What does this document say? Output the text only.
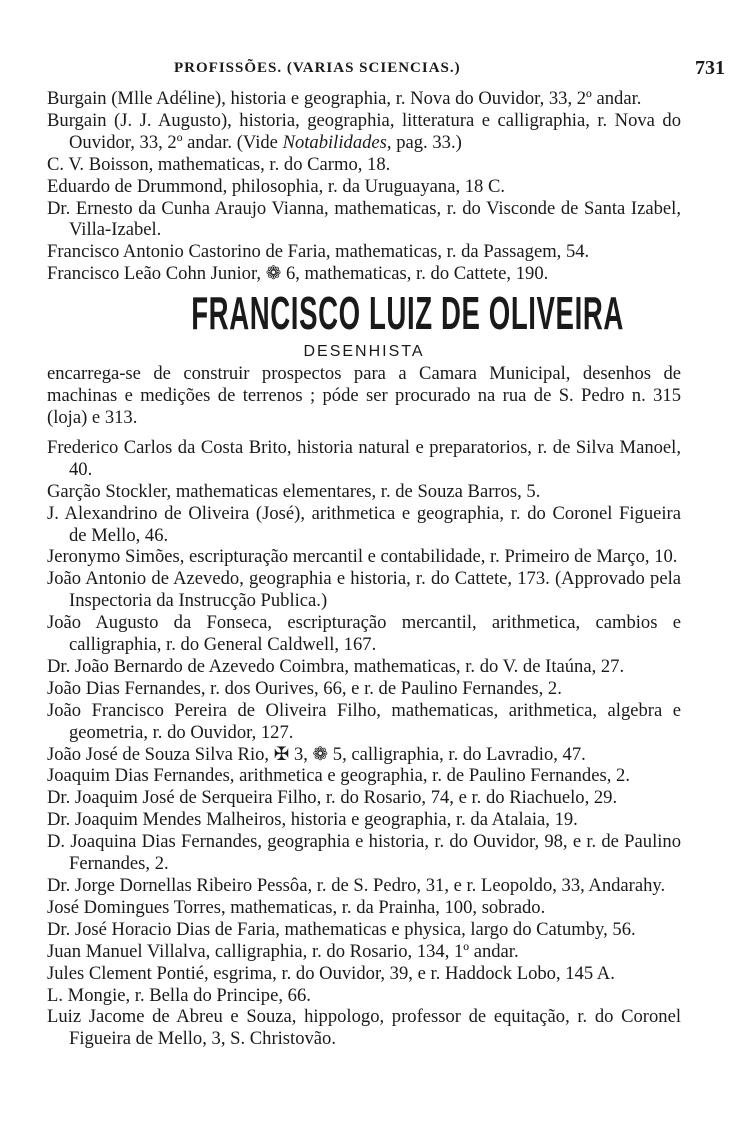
PROFISSÕES. (VARIAS SCIENCIAS.)	731

Burgain (Mlle Adéline), historia e geographia, r. Nova do Ouvidor, 33, 2º andar.

Burgain (J. J. Augusto), historia, geographia, litteratura e calligraphia, r. Nova do Ouvidor, 33, 2º andar. (Vide Notabilidades, pag. 33.)

C. V. Boisson, mathematicas, r. do Carmo, 18.

Eduardo de Drummond, philosophia, r. da Uruguayana, 18 C.

Dr. Ernesto da Cunha Araujo Vianna, mathematicas, r. do Visconde de Santa Izabel, Villa-Izabel.

Francisco Antonio Castorino de Faria, mathematicas, r. da Passagem, 54.

Francisco Leão Cohn Junior, ❁ 6, mathematicas, r. do Cattete, 190.

FRANCISCO LUIZ DE OLIVEIRA

DESENHISTA

encarrega-se de construir prospectos para a Camara Municipal, desenhos de machinas e medições de terrenos ; póde ser procurado na rua de S. Pedro n. 315 (loja) e 313.

Frederico Carlos da Costa Brito, historia natural e preparatorios, r. de Silva Manoel, 40.

Garção Stockler, mathematicas elementares, r. de Souza Barros, 5.

J. Alexandrino de Oliveira (José), arithmetica e geographia, r. do Coronel Figueira de Mello, 46.

Jeronymo Simões, escripturação mercantil e contabilidade, r. Primeiro de Março, 10.

João Antonio de Azevedo, geographia e historia, r. do Cattete, 173. (Approvado pela Inspectoria da Instrucção Publica.)

João Augusto da Fonseca, escripturação mercantil, arithmetica, cambios e calligraphia, r. do General Caldwell, 167.

Dr. João Bernardo de Azevedo Coimbra, mathematicas, r. do V. de Itaúna, 27.

João Dias Fernandes, r. dos Ourives, 66, e r. de Paulino Fernandes, 2.

João Francisco Pereira de Oliveira Filho, mathematicas, arithmetica, algebra e geometria, r. do Ouvidor, 127.

João José de Souza Silva Rio, ✠ 3, ❁ 5, calligraphia, r. do Lavradio, 47.

Joaquim Dias Fernandes, arithmetica e geographia, r. de Paulino Fernandes, 2.

Dr. Joaquim José de Serqueira Filho, r. do Rosario, 74, e r. do Riachuelo, 29.

Dr. Joaquim Mendes Malheiros, historia e geographia, r. da Atalaia, 19.

D. Joaquina Dias Fernandes, geographia e historia, r. do Ouvidor, 98, e r. de Paulino Fernandes, 2.

Dr. Jorge Dornellas Ribeiro Pessôa, r. de S. Pedro, 31, e r. Leopoldo, 33, Andarahy.

José Domingues Torres, mathematicas, r. da Prainha, 100, sobrado.

Dr. José Horacio Dias de Faria, mathematicas e physica, largo do Catumby, 56.

Juan Manuel Villalva, calligraphia, r. do Rosario, 134, 1º andar.

Jules Clement Pontié, esgrima, r. do Ouvidor, 39, e r. Haddock Lobo, 145 A.

L. Mongie, r. Bella do Principe, 66.

Luiz Jacome de Abreu e Souza, hippologo, professor de equitação, r. do Coronel Figueira de Mello, 3, S. Christovão.
